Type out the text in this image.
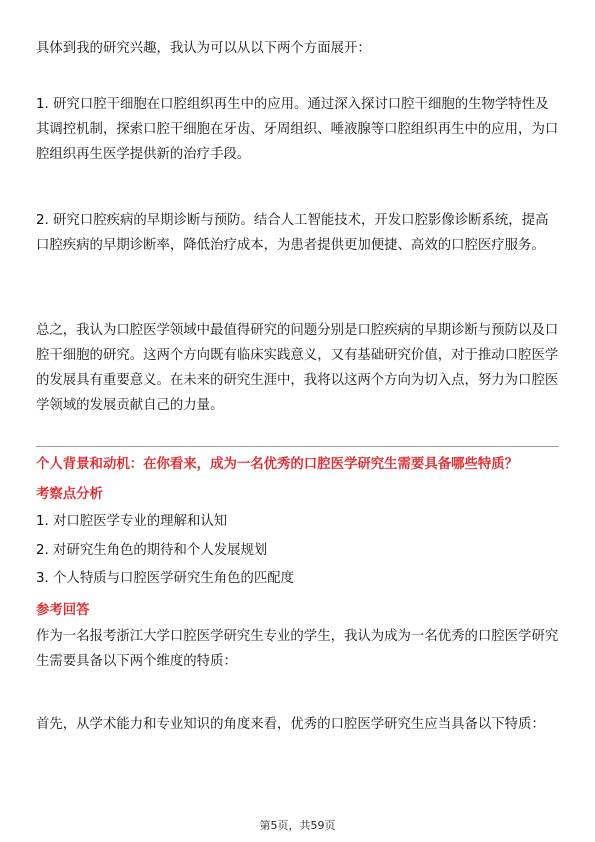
具体到我的研究兴趣，我认为可以从以下两个方面展开：

1. 研究口腔干细胞在口腔组织再生中的应用。通过深入探讨口腔干细胞的生物学特性及其调控机制，探索口腔干细胞在牙齿、牙周组织、唾液腺等口腔组织再生中的应用，为口腔组织再生医学提供新的治疗手段。

2. 研究口腔疾病的早期诊断与预防。结合人工智能技术，开发口腔影像诊断系统，提高口腔疾病的早期诊断率，降低治疗成本，为患者提供更加便捷、高效的口腔医疗服务。

总之，我认为口腔医学领域中最值得研究的问题分别是口腔疾病的早期诊断与预防以及口腔干细胞的研究。这两个方向既有临床实践意义，又有基础研究价值，对于推动口腔医学的发展具有重要意义。在未来的研究生涯中，我将以这两个方向为切入点，努力为口腔医学领域的发展贡献自己的力量。

个人背景和动机：在你看来，成为一名优秀的口腔医学研究生需要具备哪些特质？

考察点分析

1. 对口腔医学专业的理解和认知

2. 对研究生角色的期待和个人发展规划

3. 个人特质与口腔医学研究生角色的匹配度

参考回答

作为一名报考浙江大学口腔医学研究生专业的学生，我认为成为一名优秀的口腔医学研究生需要具备以下两个维度的特质：

首先，从学术能力和专业知识的角度来看，优秀的口腔医学研究生应当具备以下特质：

第5页，共59页
